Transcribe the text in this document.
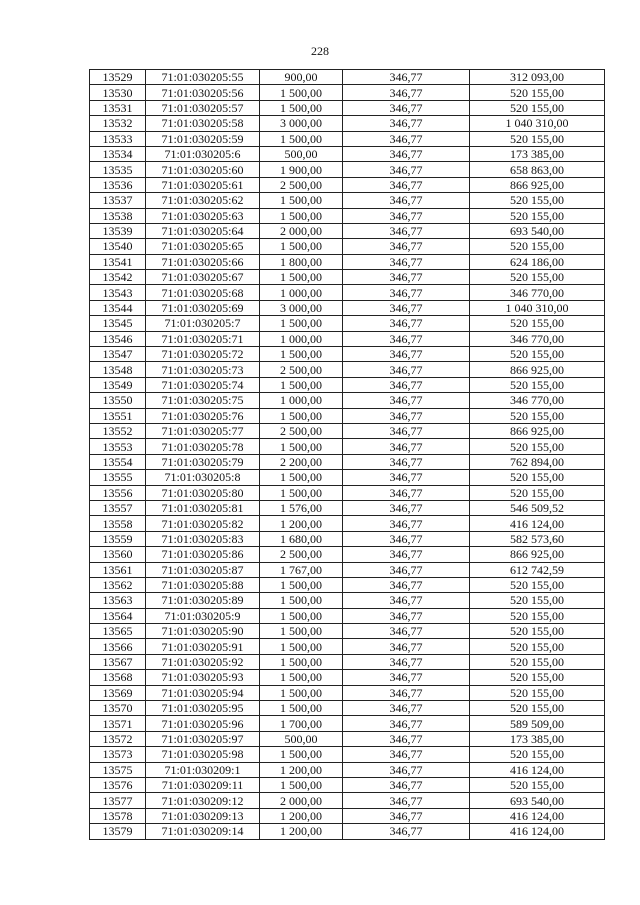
228
13529	71:01:030205:55	900,00	346,77	312 093,00
13530	71:01:030205:56	1 500,00	346,77	520 155,00
13531	71:01:030205:57	1 500,00	346,77	520 155,00
13532	71:01:030205:58	3 000,00	346,77	1 040 310,00
13533	71:01:030205:59	1 500,00	346,77	520 155,00
13534	71:01:030205:6	500,00	346,77	173 385,00
13535	71:01:030205:60	1 900,00	346,77	658 863,00
13536	71:01:030205:61	2 500,00	346,77	866 925,00
13537	71:01:030205:62	1 500,00	346,77	520 155,00
13538	71:01:030205:63	1 500,00	346,77	520 155,00
13539	71:01:030205:64	2 000,00	346,77	693 540,00
13540	71:01:030205:65	1 500,00	346,77	520 155,00
13541	71:01:030205:66	1 800,00	346,77	624 186,00
13542	71:01:030205:67	1 500,00	346,77	520 155,00
13543	71:01:030205:68	1 000,00	346,77	346 770,00
13544	71:01:030205:69	3 000,00	346,77	1 040 310,00
13545	71:01:030205:7	1 500,00	346,77	520 155,00
13546	71:01:030205:71	1 000,00	346,77	346 770,00
13547	71:01:030205:72	1 500,00	346,77	520 155,00
13548	71:01:030205:73	2 500,00	346,77	866 925,00
13549	71:01:030205:74	1 500,00	346,77	520 155,00
13550	71:01:030205:75	1 000,00	346,77	346 770,00
13551	71:01:030205:76	1 500,00	346,77	520 155,00
13552	71:01:030205:77	2 500,00	346,77	866 925,00
13553	71:01:030205:78	1 500,00	346,77	520 155,00
13554	71:01:030205:79	2 200,00	346,77	762 894,00
13555	71:01:030205:8	1 500,00	346,77	520 155,00
13556	71:01:030205:80	1 500,00	346,77	520 155,00
13557	71:01:030205:81	1 576,00	346,77	546 509,52
13558	71:01:030205:82	1 200,00	346,77	416 124,00
13559	71:01:030205:83	1 680,00	346,77	582 573,60
13560	71:01:030205:86	2 500,00	346,77	866 925,00
13561	71:01:030205:87	1 767,00	346,77	612 742,59
13562	71:01:030205:88	1 500,00	346,77	520 155,00
13563	71:01:030205:89	1 500,00	346,77	520 155,00
13564	71:01:030205:9	1 500,00	346,77	520 155,00
13565	71:01:030205:90	1 500,00	346,77	520 155,00
13566	71:01:030205:91	1 500,00	346,77	520 155,00
13567	71:01:030205:92	1 500,00	346,77	520 155,00
13568	71:01:030205:93	1 500,00	346,77	520 155,00
13569	71:01:030205:94	1 500,00	346,77	520 155,00
13570	71:01:030205:95	1 500,00	346,77	520 155,00
13571	71:01:030205:96	1 700,00	346,77	589 509,00
13572	71:01:030205:97	500,00	346,77	173 385,00
13573	71:01:030205:98	1 500,00	346,77	520 155,00
13575	71:01:030209:1	1 200,00	346,77	416 124,00
13576	71:01:030209:11	1 500,00	346,77	520 155,00
13577	71:01:030209:12	2 000,00	346,77	693 540,00
13578	71:01:030209:13	1 200,00	346,77	416 124,00
13579	71:01:030209:14	1 200,00	346,77	416 124,00
